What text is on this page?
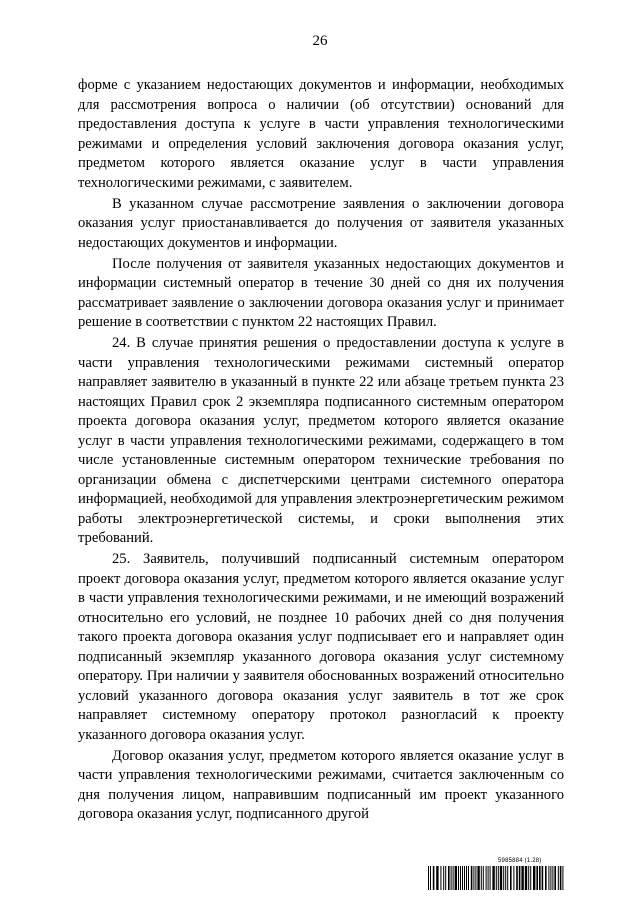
26

форме с указанием недостающих документов и информации, необходимых для рассмотрения вопроса о наличии (об отсутствии) оснований для предоставления доступа к услуге в части управления технологическими режимами и определения условий заключения договора оказания услуг, предметом которого является оказание услуг в части управления технологическими режимами, с заявителем.

В указанном случае рассмотрение заявления о заключении договора оказания услуг приостанавливается до получения от заявителя указанных недостающих документов и информации.

После получения от заявителя указанных недостающих документов и информации системный оператор в течение 30 дней со дня их получения рассматривает заявление о заключении договора оказания услуг и принимает решение в соответствии с пунктом 22 настоящих Правил.

24. В случае принятия решения о предоставлении доступа к услуге в части управления технологическими режимами системный оператор направляет заявителю в указанный в пункте 22 или абзаце третьем пункта 23 настоящих Правил срок 2 экземпляра подписанного системным оператором проекта договора оказания услуг, предметом которого является оказание услуг в части управления технологическими режимами, содержащего в том числе установленные системным оператором технические требования по организации обмена с диспетчерскими центрами системного оператора информацией, необходимой для управления электроэнергетическим режимом работы электроэнергетической системы, и сроки выполнения этих требований.

25. Заявитель, получивший подписанный системным оператором проект договора оказания услуг, предметом которого является оказание услуг в части управления технологическими режимами, и не имеющий возражений относительно его условий, не позднее 10 рабочих дней со дня получения такого проекта договора оказания услуг подписывает его и направляет один подписанный экземпляр указанного договора оказания услуг системному оператору. При наличии у заявителя обоснованных возражений относительно условий указанного договора оказания услуг заявитель в тот же срок направляет системному оператору протокол разногласий к проекту указанного договора оказания услуг.

Договор оказания услуг, предметом которого является оказание услуг в части управления технологическими режимами, считается заключенным со дня получения лицом, направившим подписанный им проект указанного договора оказания услуг, подписанного другой

5985884 (1.28)
